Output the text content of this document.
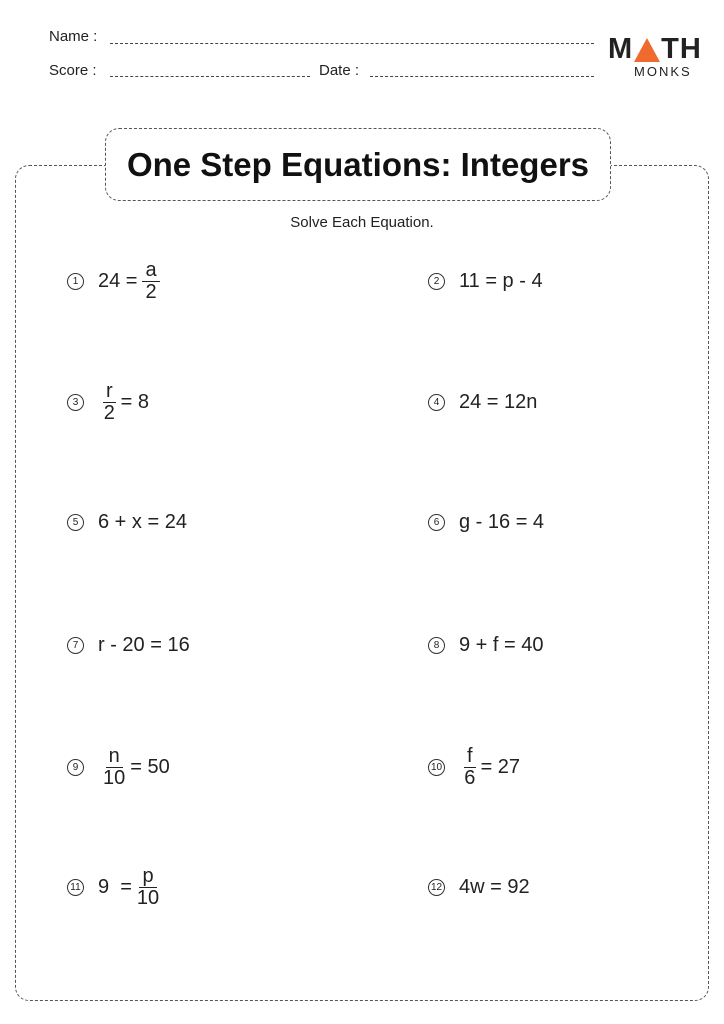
Name :
Score :	Date :
M TH
MONKS
One Step Equations: Integers
Solve Each Equation.
1 $24 = \frac{a}{2}$	2 11 = p - 4
$3 \frac{r}{2} = 8$	4 24 = 12n
5 6 + x = 24	6 g - 16 = 4
7 r - 20 = 16	8 9 + f = 40
$9 \frac{n}{10} = 50$	$10 \frac{f}{6} = 27$
11 $9 = \frac{p}{10}$	12 4w = 92
